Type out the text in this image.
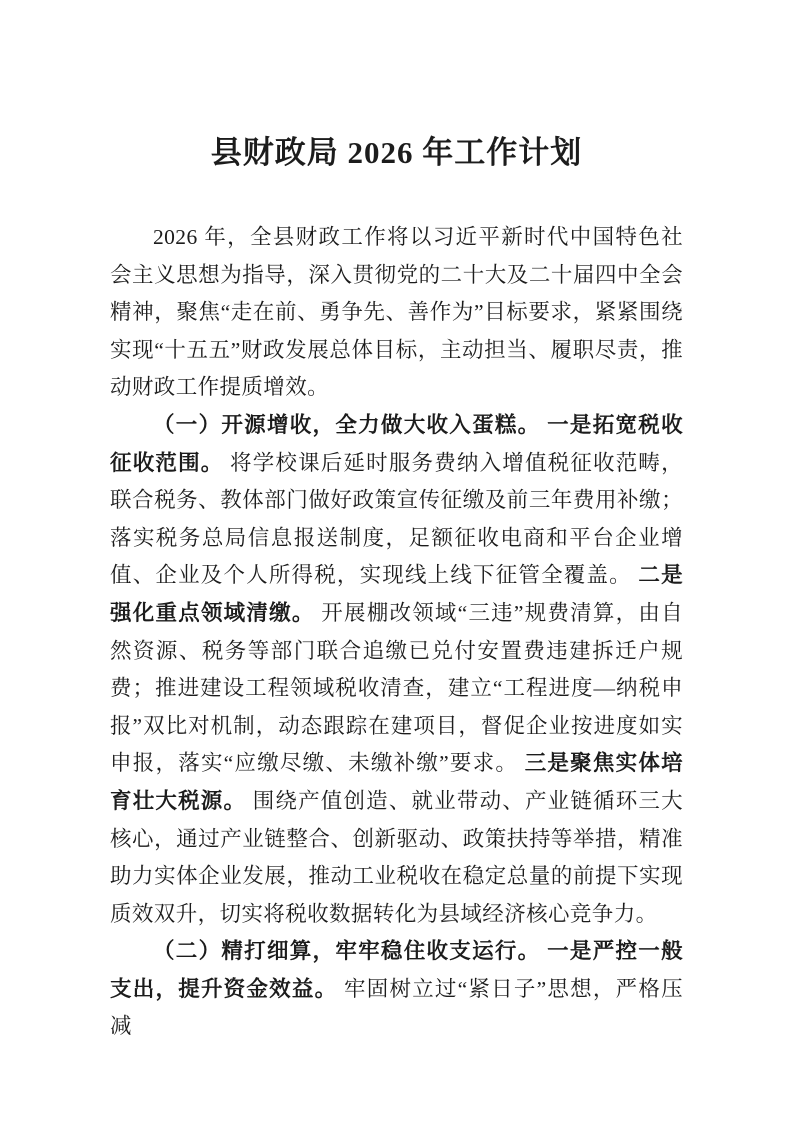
县财政局 2026 年工作计划

2026 年，全县财政工作将以习近平新时代中国特色社会主义思想为指导，深入贯彻党的二十大及二十届四中全会精神，聚焦“走在前、勇争先、善作为”目标要求，紧紧围绕实现“十五五”财政发展总体目标，主动担当、履职尽责，推动财政工作提质增效。

（一）开源增收，全力做大收入蛋糕。 一是拓宽税收征收范围。 将学校课后延时服务费纳入增值税征收范畴，联合税务、教体部门做好政策宣传征缴及前三年费用补缴；落实税务总局信息报送制度，足额征收电商和平台企业增值、企业及个人所得税，实现线上线下征管全覆盖。 二是强化重点领域清缴。 开展棚改领域“三违”规费清算，由自然资源、税务等部门联合追缴已兑付安置费违建拆迁户规费；推进建设工程领域税收清查，建立“工程进度—纳税申报”双比对机制，动态跟踪在建项目，督促企业按进度如实申报，落实“应缴尽缴、未缴补缴”要求。 三是聚焦实体培育壮大税源。 围绕产值创造、就业带动、产业链循环三大核心，通过产业链整合、创新驱动、政策扶持等举措，精准助力实体企业发展，推动工业税收在稳定总量的前提下实现质效双升，切实将税收数据转化为县域经济核心竞争力。

（二）精打细算，牢牢稳住收支运行。 一是严控一般支出，提升资金效益。 牢固树立过“紧日子”思想，严格压减
